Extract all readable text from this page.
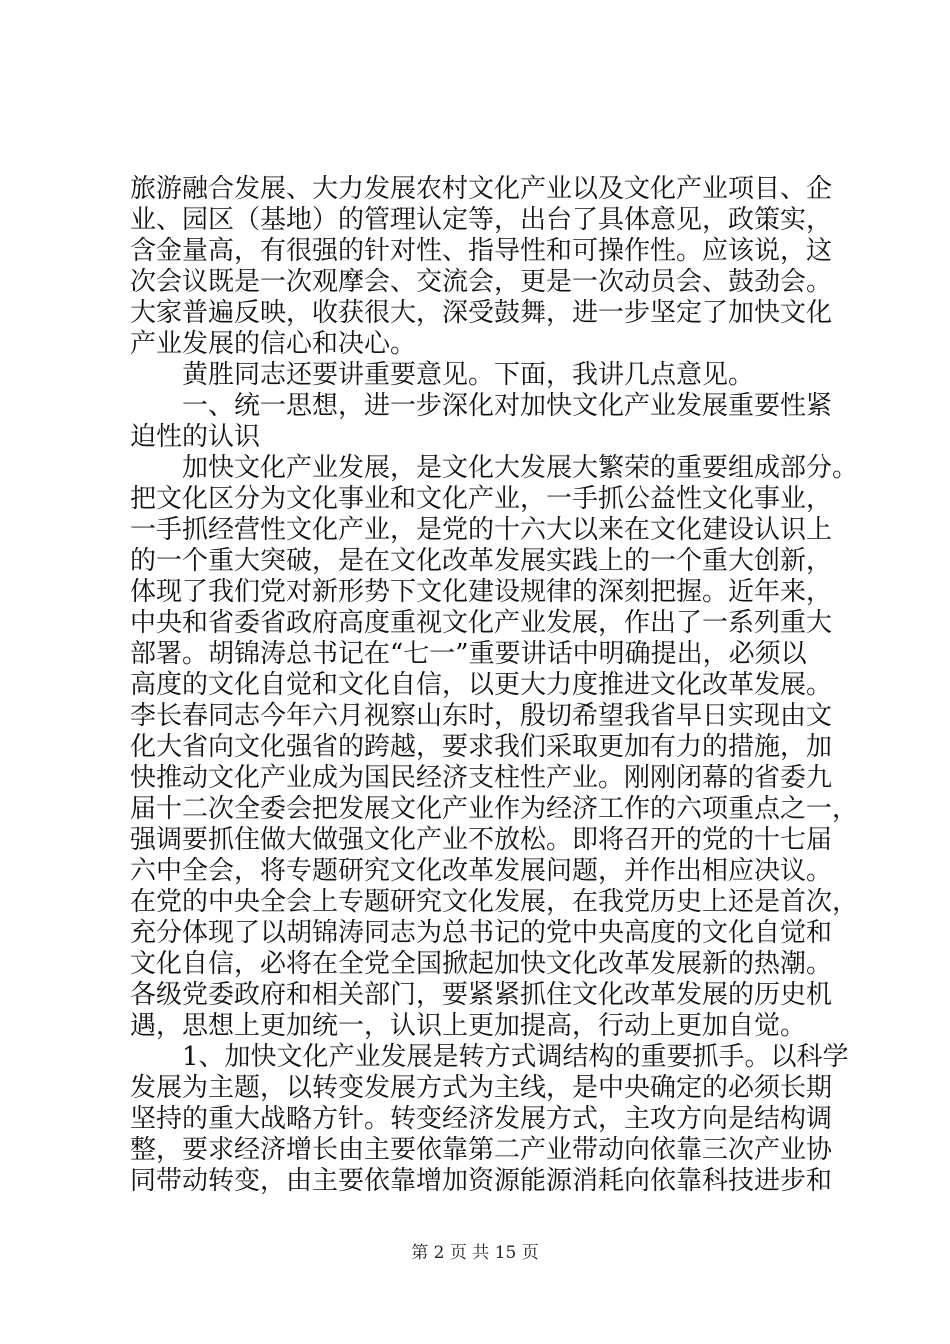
旅游融合发展、大力发展农村文化产业以及文化产业项目、企
业、园区（基地）的管理认定等，出台了具体意见，政策实，
含金量高，有很强的针对性、指导性和可操作性。应该说，这
次会议既是一次观摩会、交流会，更是一次动员会、鼓劲会。
大家普遍反映，收获很大，深受鼓舞，进一步坚定了加快文化
产业发展的信心和决心。
黄胜同志还要讲重要意见。下面，我讲几点意见。
一、统一思想，进一步深化对加快文化产业发展重要性紧
迫性的认识
加快文化产业发展，是文化大发展大繁荣的重要组成部分。
把文化区分为文化事业和文化产业，一手抓公益性文化事业，
一手抓经营性文化产业，是党的十六大以来在文化建设认识上
的一个重大突破，是在文化改革发展实践上的一个重大创新，
体现了我们党对新形势下文化建设规律的深刻把握。近年来，
中央和省委省政府高度重视文化产业发展，作出了一系列重大
部署。胡锦涛总书记在“七一”重要讲话中明确提出，必须以
高度的文化自觉和文化自信，以更大力度推进文化改革发展。
李长春同志今年六月视察山东时，殷切希望我省早日实现由文
化大省向文化强省的跨越，要求我们采取更加有力的措施，加
快推动文化产业成为国民经济支柱性产业。刚刚闭幕的省委九
届十二次全委会把发展文化产业作为经济工作的六项重点之一，
强调要抓住做大做强文化产业不放松。即将召开的党的十七届
六中全会，将专题研究文化改革发展问题，并作出相应决议。
在党的中央全会上专题研究文化发展，在我党历史上还是首次，
充分体现了以胡锦涛同志为总书记的党中央高度的文化自觉和
文化自信，必将在全党全国掀起加快文化改革发展新的热潮。
各级党委政府和相关部门，要紧紧抓住文化改革发展的历史机
遇，思想上更加统一，认识上更加提高，行动上更加自觉。
1、加快文化产业发展是转方式调结构的重要抓手。以科学
发展为主题，以转变发展方式为主线，是中央确定的必须长期
坚持的重大战略方针。转变经济发展方式，主攻方向是结构调
整，要求经济增长由主要依靠第二产业带动向依靠三次产业协
同带动转变，由主要依靠增加资源能源消耗向依靠科技进步和
第 2 页 共 15 页
